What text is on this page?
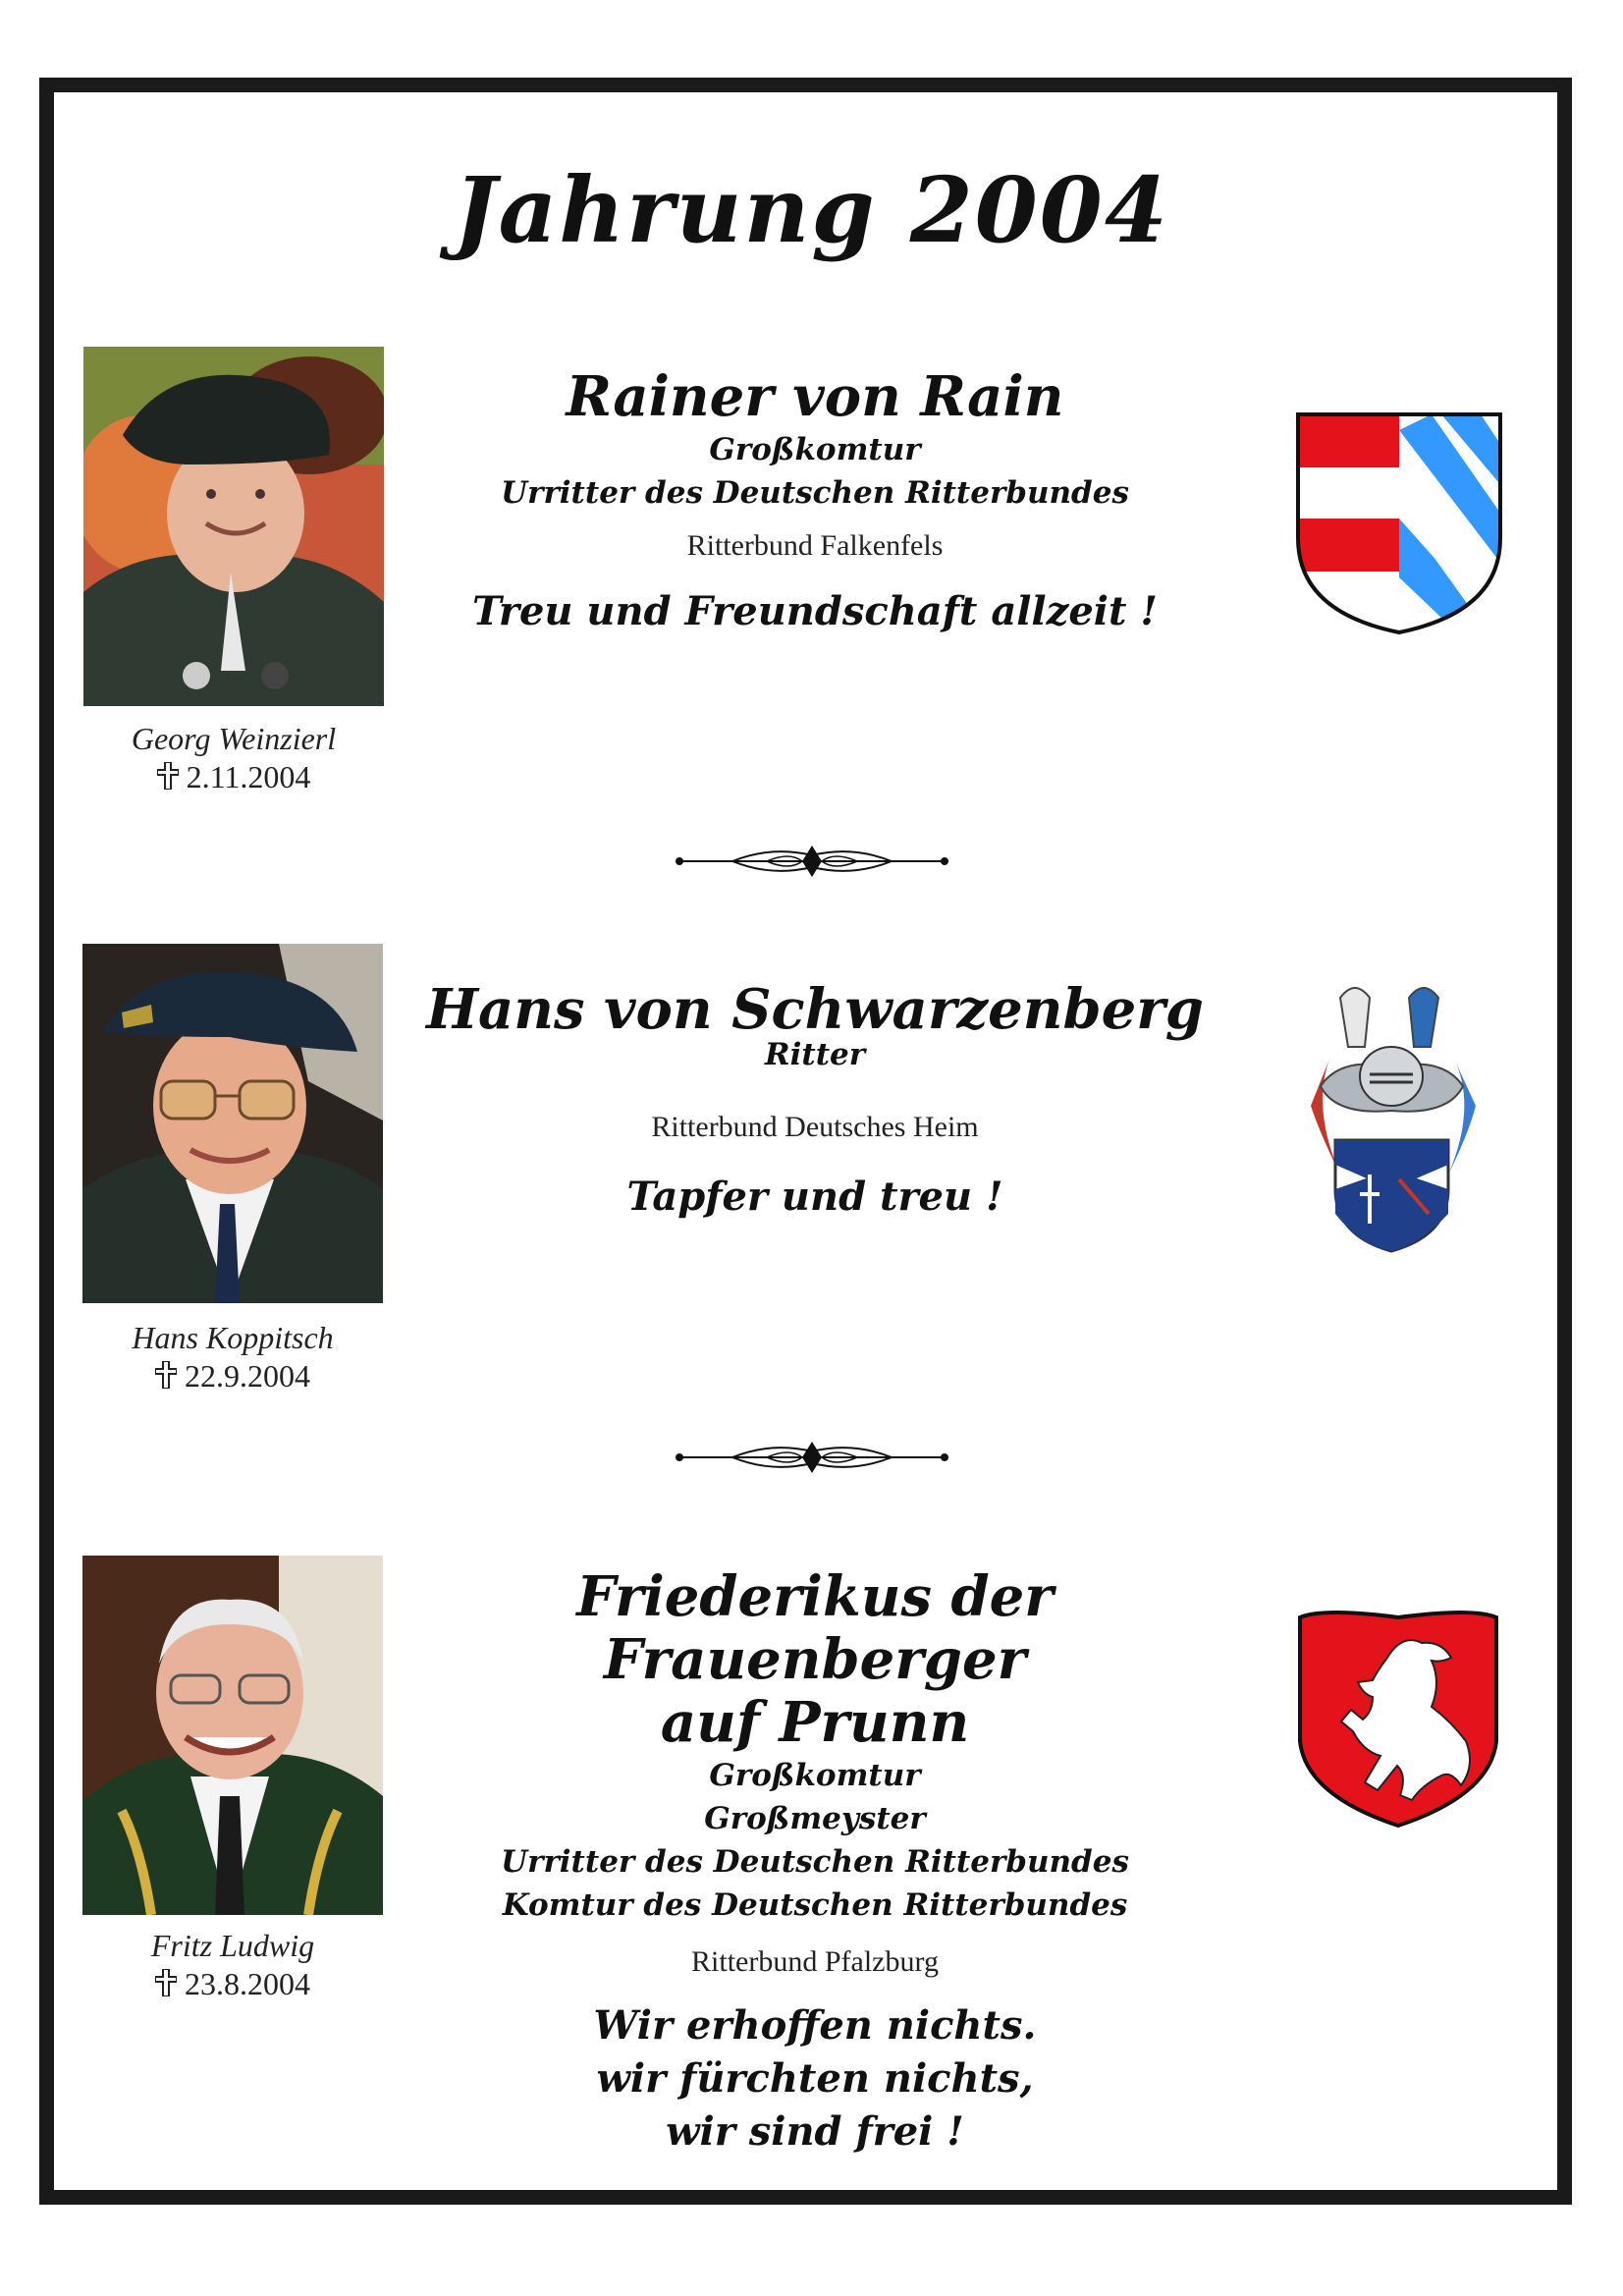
Jahrung 2004
Georg Weinzierl
2.11.2004
Rainer von Rain
Großkomtur
Urritter des Deutschen Ritterbundes
Ritterbund Falkenfels
Treu und Freundschaft allzeit !
Hans Koppitsch
22.9.2004
Hans von Schwarzenberg
Ritter
Ritterbund Deutsches Heim
Tapfer und treu !
Fritz Ludwig
23.8.2004
Friederikus der Frauenberger
auf Prunn
Großkomtur
Großmeyster
Urritter des Deutschen Ritterbundes
Komtur des Deutschen Ritterbundes
Ritterbund Pfalzburg
Wir erhoffen nichts.
wir fürchten nichts,
wir sind frei !
